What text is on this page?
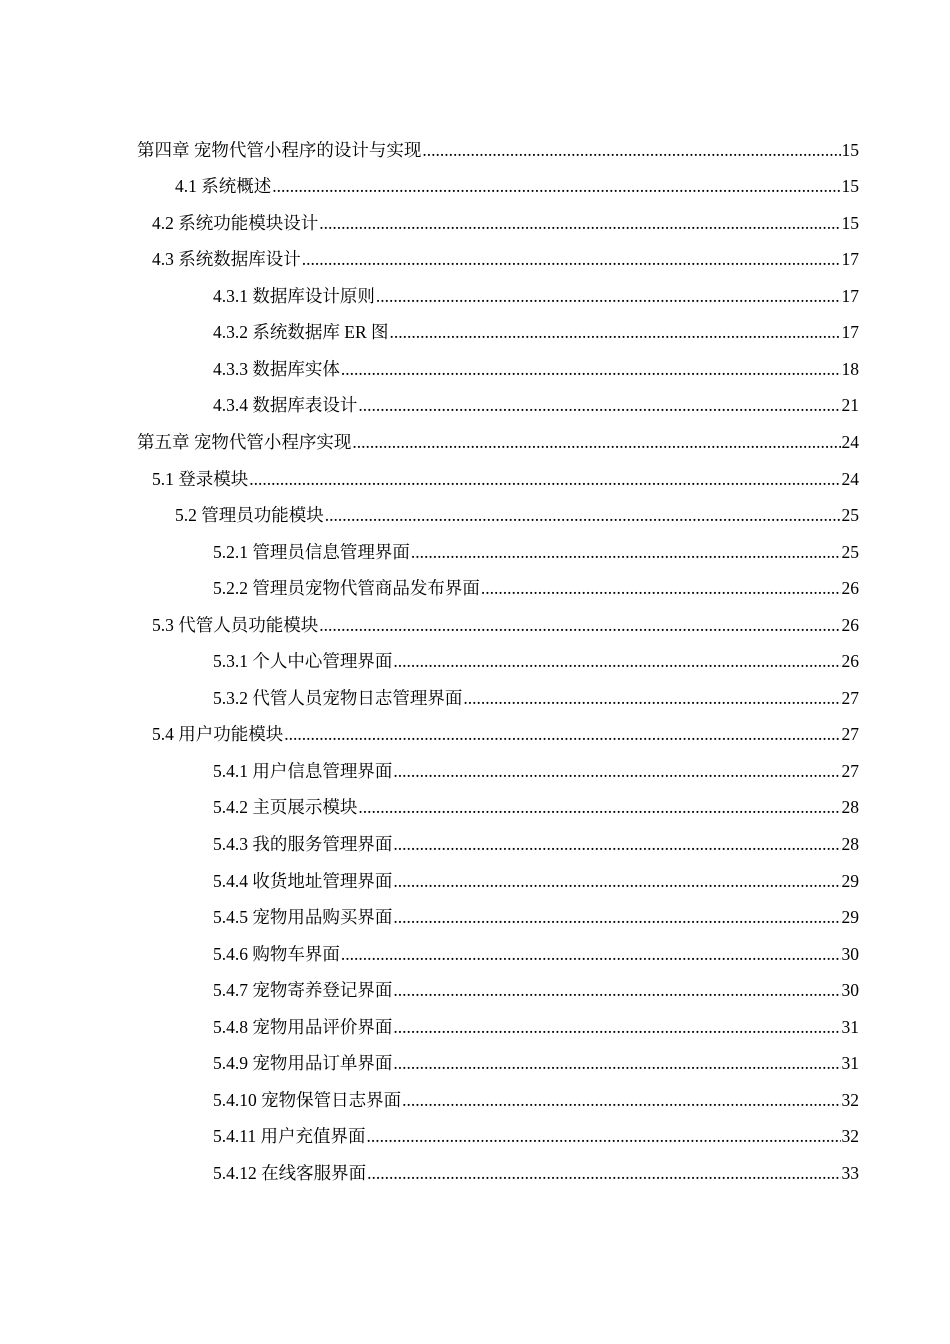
第四章 宠物代管小程序的设计与实现 .....	15
4.1 系统概述 .....	15
4.2 系统功能模块设计 .....	15
4.3 系统数据库设计 .....	17
4.3.1 数据库设计原则 .....	17
4.3.2 系统数据库 ER 图 .....	17
4.3.3 数据库实体 .....	18
4.3.4 数据库表设计 .....	21
第五章 宠物代管小程序实现 .....	24
5.1 登录模块 .....	24
5.2 管理员功能模块 .....	25
5.2.1 管理员信息管理界面 .....	25
5.2.2 管理员宠物代管商品发布界面 .....	26
5.3 代管人员功能模块 .....	26
5.3.1 个人中心管理界面 .....	26
5.3.2 代管人员宠物日志管理界面 .....	27
5.4 用户功能模块 .....	27
5.4.1 用户信息管理界面 .....	27
5.4.2 主页展示模块 .....	28
5.4.3 我的服务管理界面 .....	28
5.4.4 收货地址管理界面 .....	29
5.4.5 宠物用品购买界面 .....	29
5.4.6 购物车界面 .....	30
5.4.7 宠物寄养登记界面 .....	30
5.4.8 宠物用品评价界面 .....	31
5.4.9 宠物用品订单界面 .....	31
5.4.10 宠物保管日志界面 .....	32
5.4.11 用户充值界面 .....	32
5.4.12 在线客服界面 .....	33
